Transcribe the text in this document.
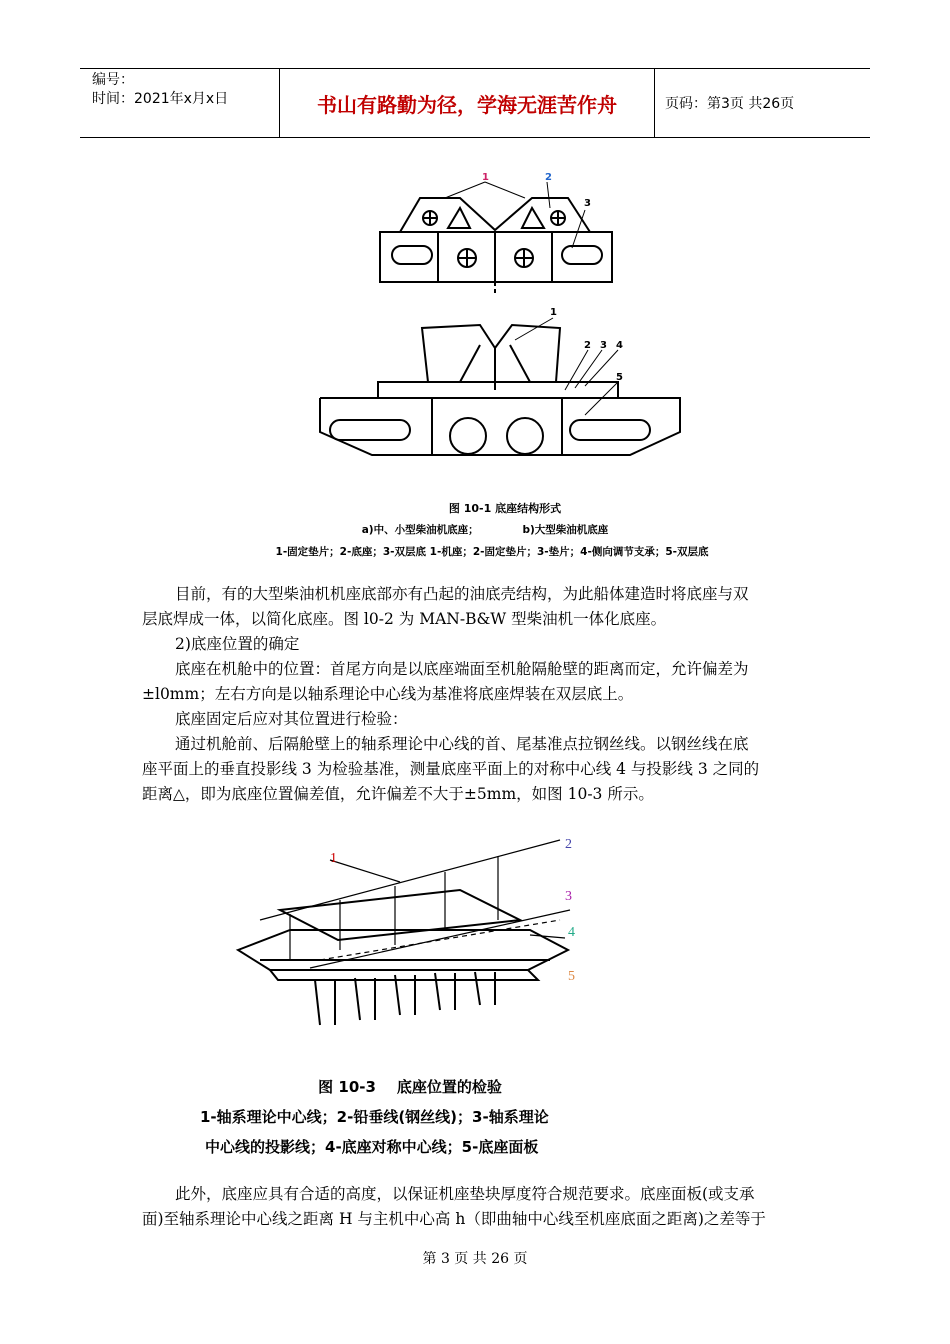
编号：
时间：2021年x月x日	书山有路勤为径，学海无涯苦作舟	页码：第3页 共26页
1	2
3
1
2 3 4
5
图 10-1 底座结构形式
a)中、小型柴油机底座；            b)大型柴油机底座
1-固定垫片；2-底座；3-双层底 1-机座；2-固定垫片；3-垫片；4-侧向调节支承；5-双层底
目前，有的大型柴油机机座底部亦有凸起的油底壳结构，为此船体建造时将底座与双
层底焊成一体，以简化底座。图 l0-2 为 MAN-B&W 型柴油机一体化底座。
2)底座位置的确定
底座在机舱中的位置：首尾方向是以底座端面至机舱隔舱壁的距离而定，允许偏差为
±l0mm；左右方向是以轴系理论中心线为基准将底座焊装在双层底上。
底座固定后应对其位置进行检验：
通过机舱前、后隔舱壁上的轴系理论中心线的首、尾基准点拉钢丝线。以钢丝线在底
座平面上的垂直投影线 3 为检验基准，测量底座平面上的对称中心线 4 与投影线 3 之同的
距离△，即为底座位置偏差值，允许偏差不大于±5mm，如图 10-3 所示。
1
2
3
4
5
图 10-3    底座位置的检验
1-轴系理论中心线；2-铅垂线(钢丝线)；3-轴系理论
中心线的投影线；4-底座对称中心线；5-底座面板
此外，底座应具有合适的高度，以保证机座垫块厚度符合规范要求。底座面板(或支承
面)至轴系理论中心线之距离 H 与主机中心高 h（即曲轴中心线至机座底面之距离)之差等于
第 3 页 共 26 页
